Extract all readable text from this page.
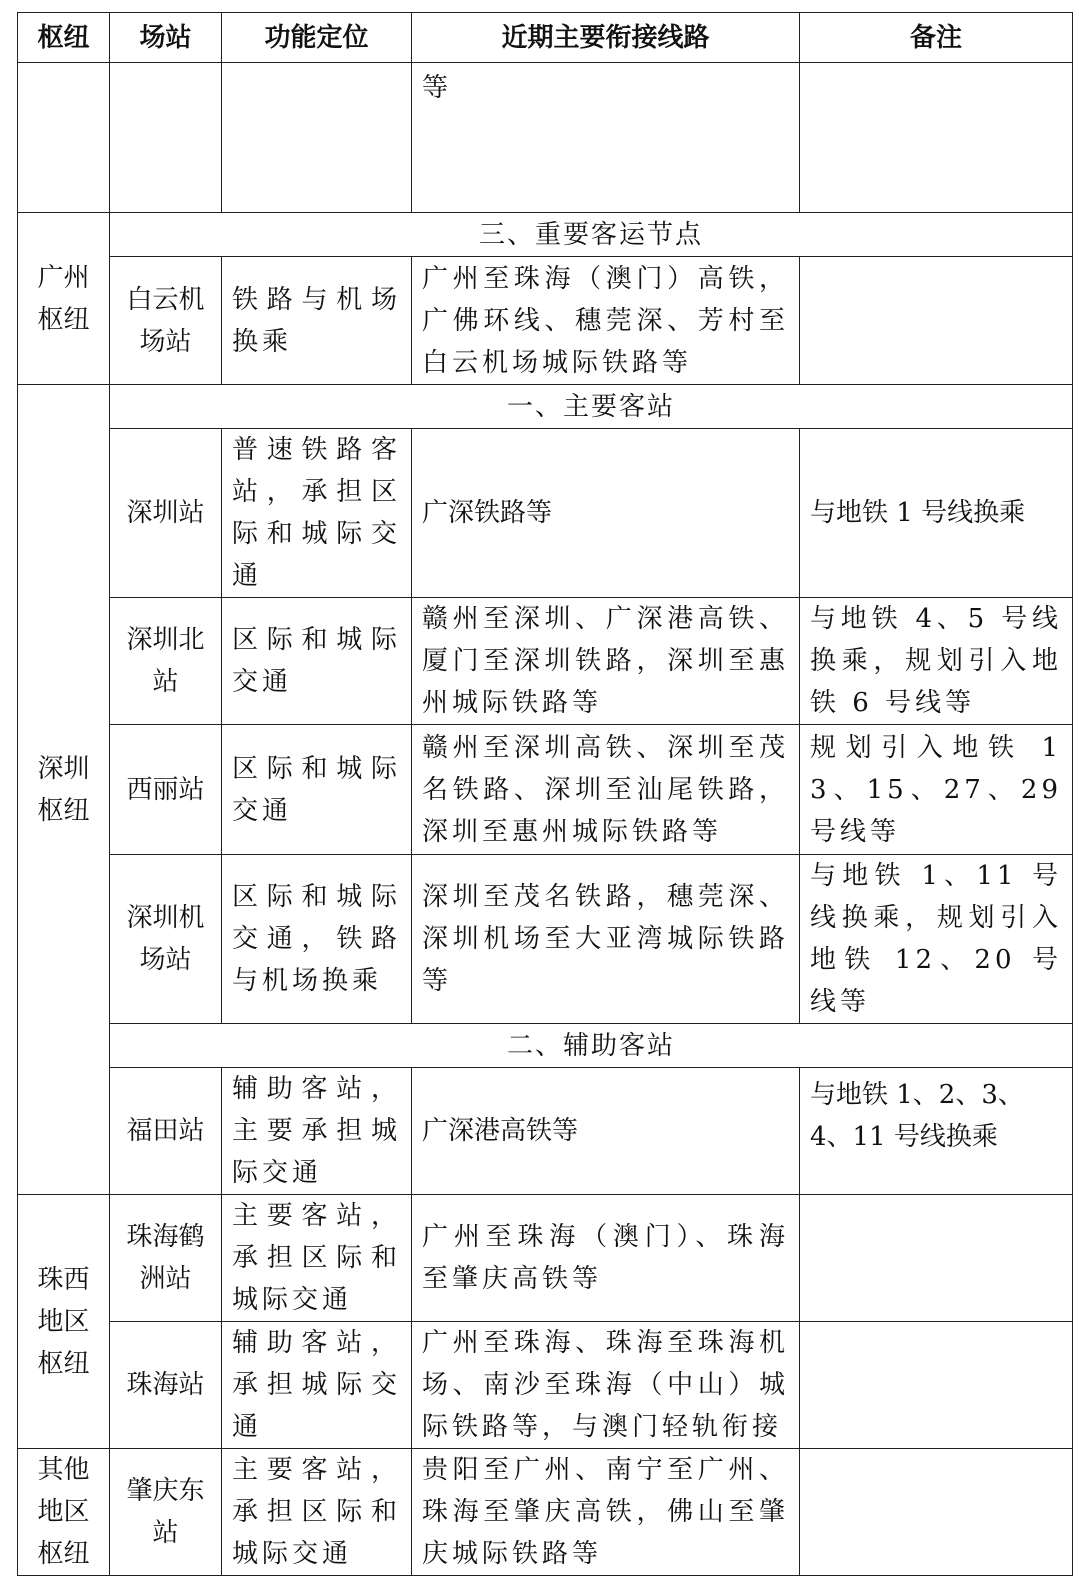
枢纽	场站	功能定位	近期主要衔接线路	备注
			等	
广州枢纽	三、重要客运节点			
	白云机场站	铁路与机场换乘	广州至珠海（澳门）高铁，广佛环线、穗莞深、芳村至白云机场城际铁路等	
深圳枢纽	一、主要客站			
	深圳站	普速铁路客站，承担区际和城际交通	广深铁路等	与地铁 1 号线换乘
	深圳北站	区际和城际交通	赣州至深圳、广深港高铁、厦门至深圳铁路，深圳至惠州城际铁路等	与地铁 4、5 号线换乘，规划引入地铁 6 号线等
	西丽站	区际和城际交通	赣州至深圳高铁、深圳至茂名铁路、深圳至汕尾铁路，深圳至惠州城际铁路等	规划引入地铁 13、15、27、29 号线等
	深圳机场站	区际和城际交通，铁路与机场换乘	深圳至茂名铁路，穗莞深、深圳机场至大亚湾城际铁路等	与地铁 1、11 号线换乘，规划引入地铁 12、20 号线等
	二、辅助客站			
	福田站	辅助客站，主要承担城际交通	广深港高铁等	与地铁 1、2、3、4、11 号线换乘

珠西地区枢纽	珠海鹤洲站	主要客站，承担区际和城际交通	广州至珠海（澳门）、珠海至肇庆高铁等	
	珠海站	辅助客站，承担城际交通	广州至珠海、珠海至珠海机场、南沙至珠海（中山）城际铁路等，与澳门轻轨衔接	
其他地区枢纽	肇庆东站	主要客站，承担区际和城际交通	贵阳至广州、南宁至广州、珠海至肇庆高铁，佛山至肇庆城际铁路等	
